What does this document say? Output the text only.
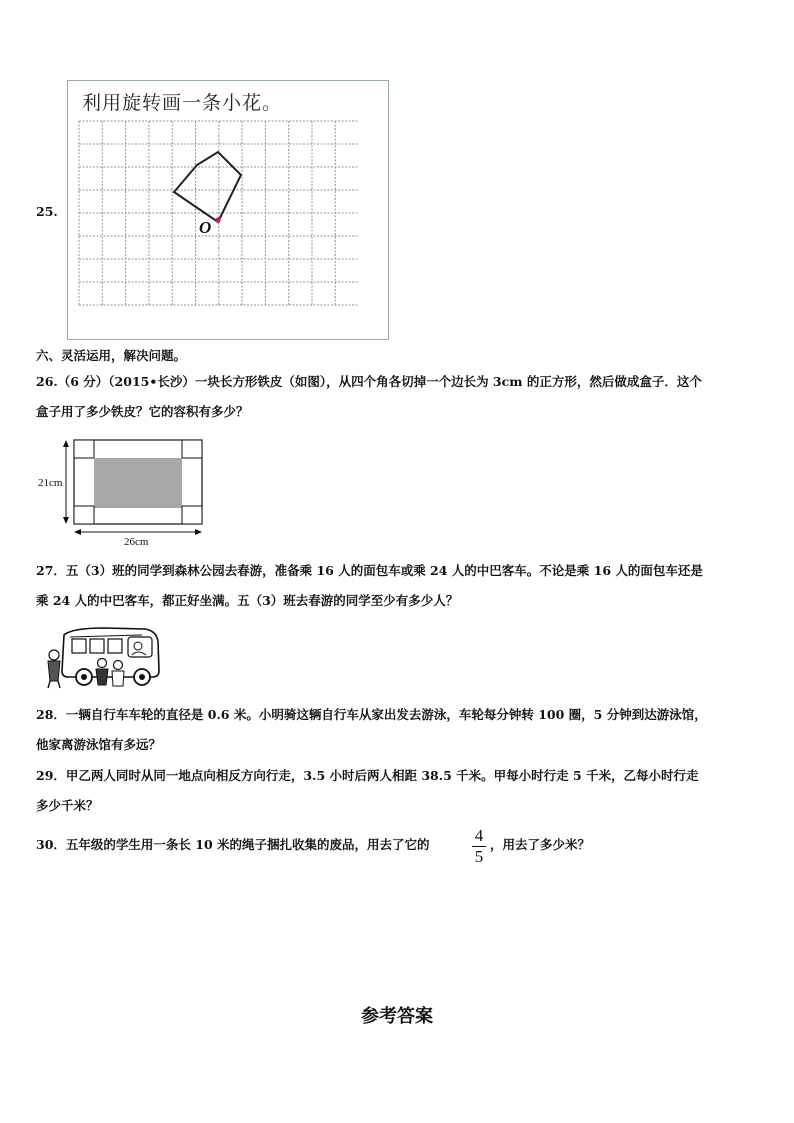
25.
利用旋转画一条小花。
O
六、灵活运用，解决问题。
26.（6 分）（2015•长沙）一块长方形铁皮（如图），从四个角各切掉一个边长为 3cm 的正方形，然后做成盒子．这个
盒子用了多少铁皮？它的容积有多少？
21cm
26cm
27．五（3）班的同学到森林公园去春游，准备乘 16 人的面包车或乘 24 人的中巴客车。不论是乘 16 人的面包车还是
乘 24 人的中巴客车，都正好坐满。五（3）班去春游的同学至少有多少人？
28．一辆自行车车轮的直径是 0.6 米。小明骑这辆自行车从家出发去游泳，车轮每分钟转 100 圈，5 分钟到达游泳馆，
他家离游泳馆有多远？
29．甲乙两人同时从同一地点向相反方向行走，3.5 小时后两人相距 38.5 千米。甲每小时行走 5 千米，乙每小时行走
多少千米？
30．五年级的学生用一条长 10 米的绳子捆扎收集的废品，用去了它的	4
5
，用去了多少米？
参考答案
